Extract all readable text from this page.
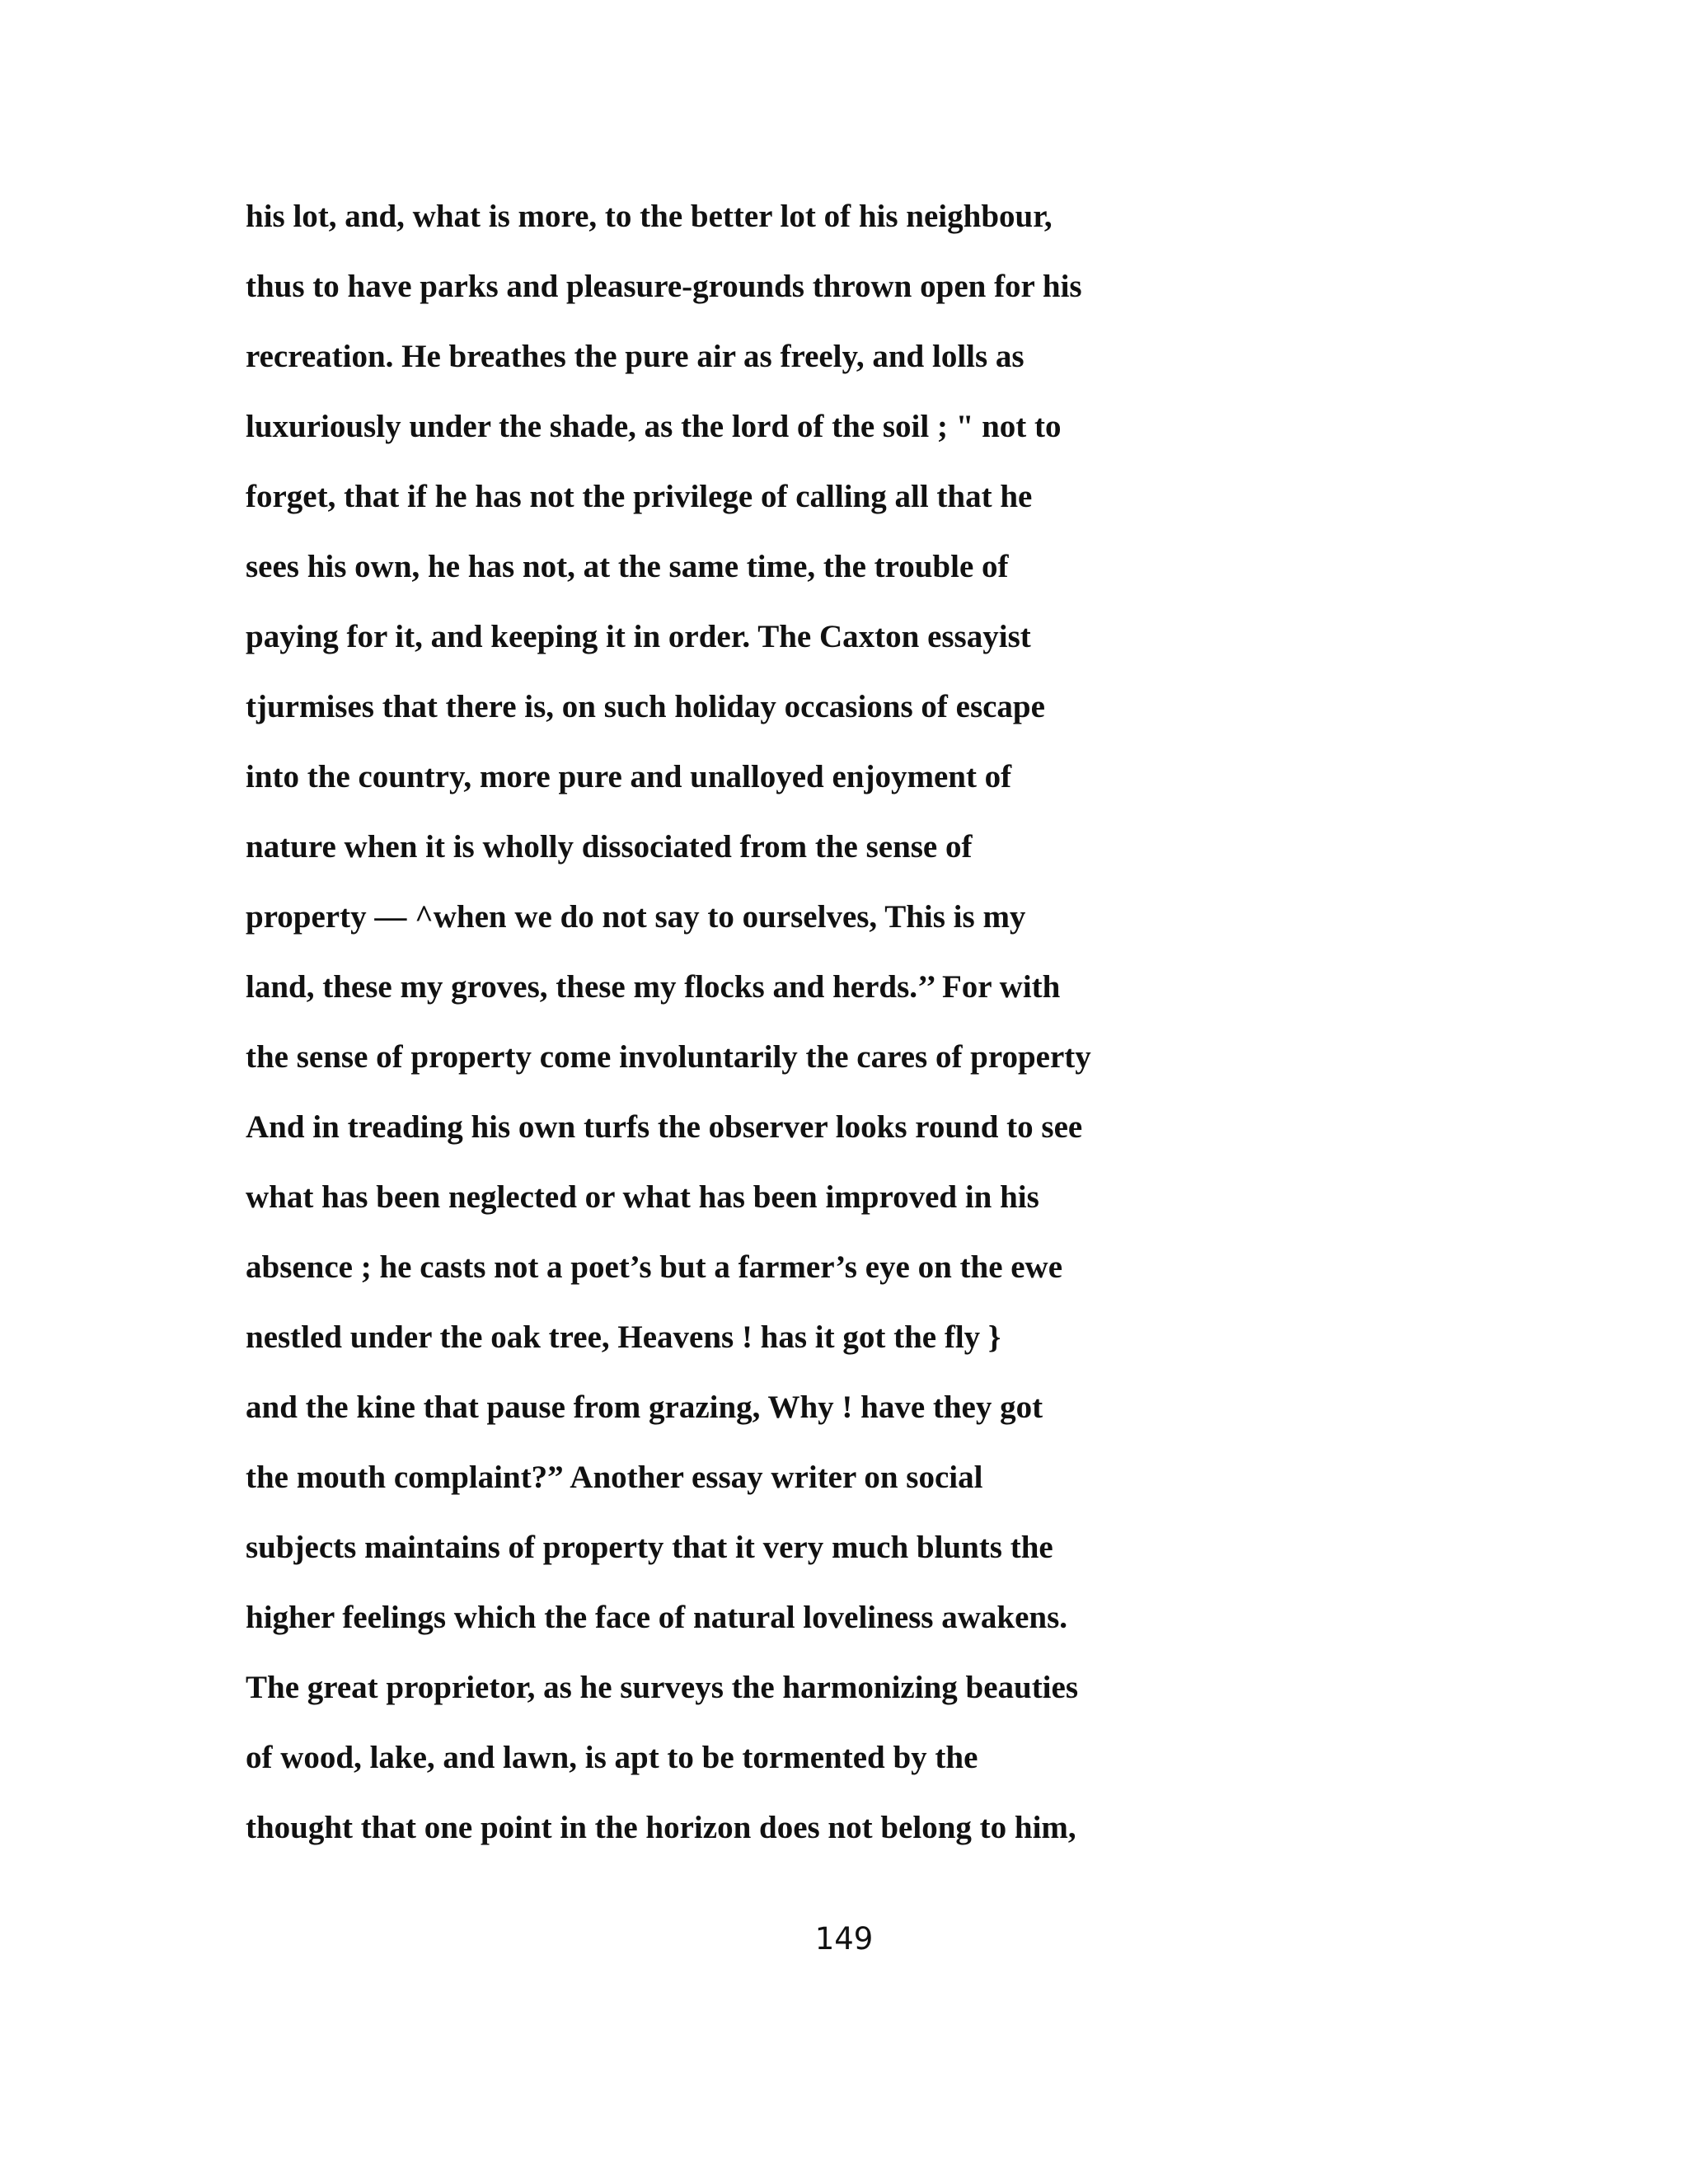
his lot, and, what is more, to the better lot of his neighbour,
thus to have parks and pleasure-grounds thrown open for his
recreation. He breathes the pure air as freely, and lolls as
luxuriously under the shade, as the lord of the soil ; " not to
forget, that if he has not the privilege of calling all that he
sees his own, he has not, at the same time, the trouble of
paying for it, and keeping it in order. The Caxton essayist
tjurmises that there is, on such holiday occasions of escape
into the country, more pure and unalloyed enjoyment of
nature when it is wholly dissociated from the sense of
property — ^when we do not say to ourselves, This is my
land, these my groves, these my flocks and herds.’’ For with
the sense of property come involuntarily the cares of property
And in treading his own turfs the observer looks round to see
what has been neglected or what has been improved in his
absence ; he casts not a poet’s but a farmer’s eye on the ewe
nestled under the oak tree, Heavens ! has it got the fly }
and the kine that pause from grazing, Why ! have they got
the mouth complaint?” Another essay writer on social
subjects maintains of property that it very much blunts the
higher feelings which the face of natural loveliness awakens.
The great proprietor, as he surveys the harmonizing beauties
of wood, lake, and lawn, is apt to be tormented by the
thought that one point in the horizon does not belong to him,
149
